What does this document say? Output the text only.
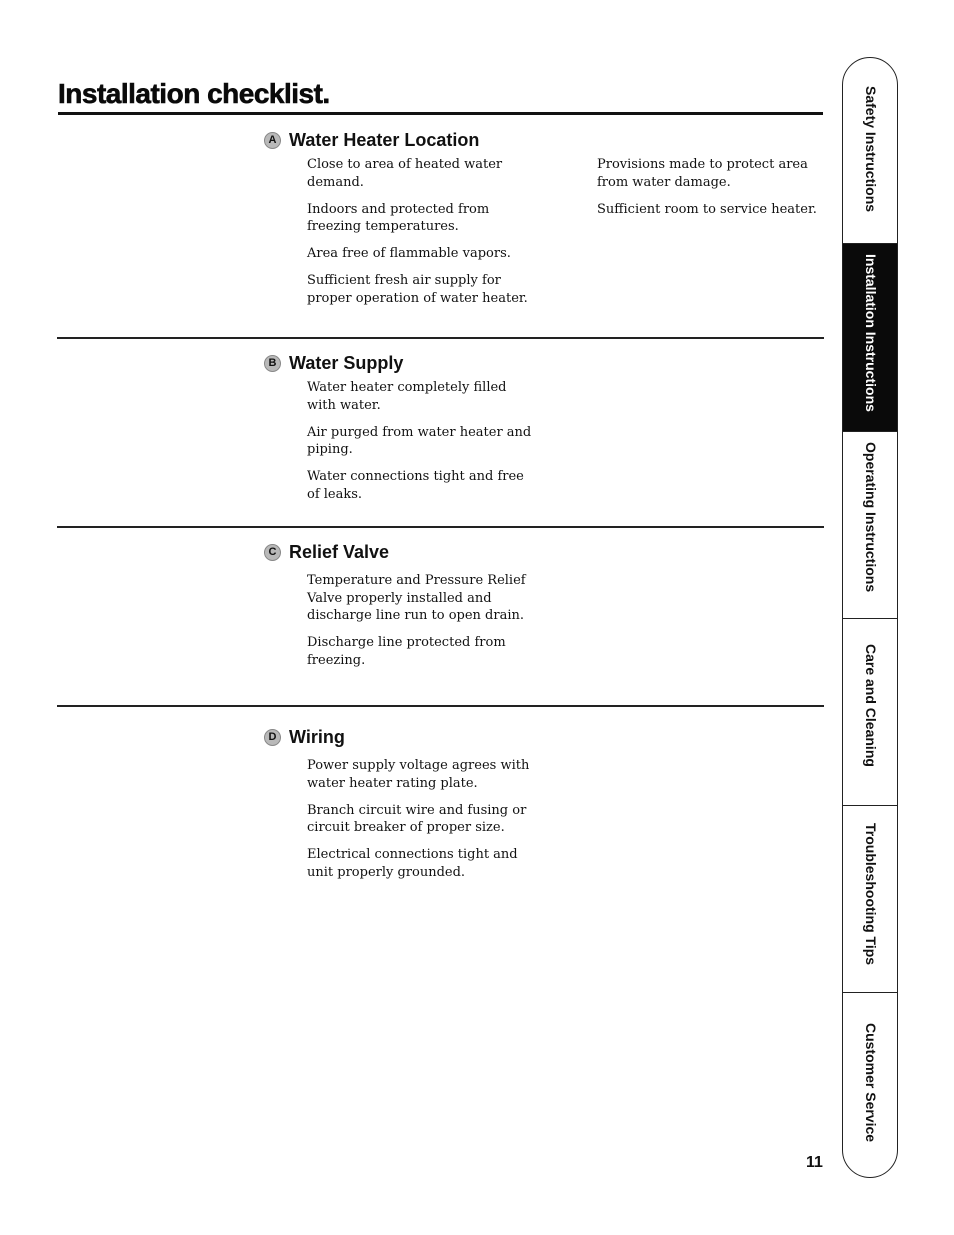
Installation checklist.
A Water Heater Location

Close to area of heated water demand.

Indoors and protected from freezing temperatures.

Area free of flammable vapors.

Sufficient fresh air supply for proper operation of water heater.

Provisions made to protect area from water damage.

Sufficient room to service heater.

B Water Supply

Water heater completely filled with water.

Air purged from water heater and piping.

Water connections tight and free of leaks.

C Relief Valve

Temperature and Pressure Relief Valve properly installed and discharge line run to open drain.

Discharge line protected from freezing.

D Wiring

Power supply voltage agrees with water heater rating plate.

Branch circuit wire and fusing or circuit breaker of proper size.

Electrical connections tight and unit properly grounded.

Safety Instructions
Installation Instructions
Operating Instructions
Care and Cleaning
Troubleshooting Tips
Customer Service
11
